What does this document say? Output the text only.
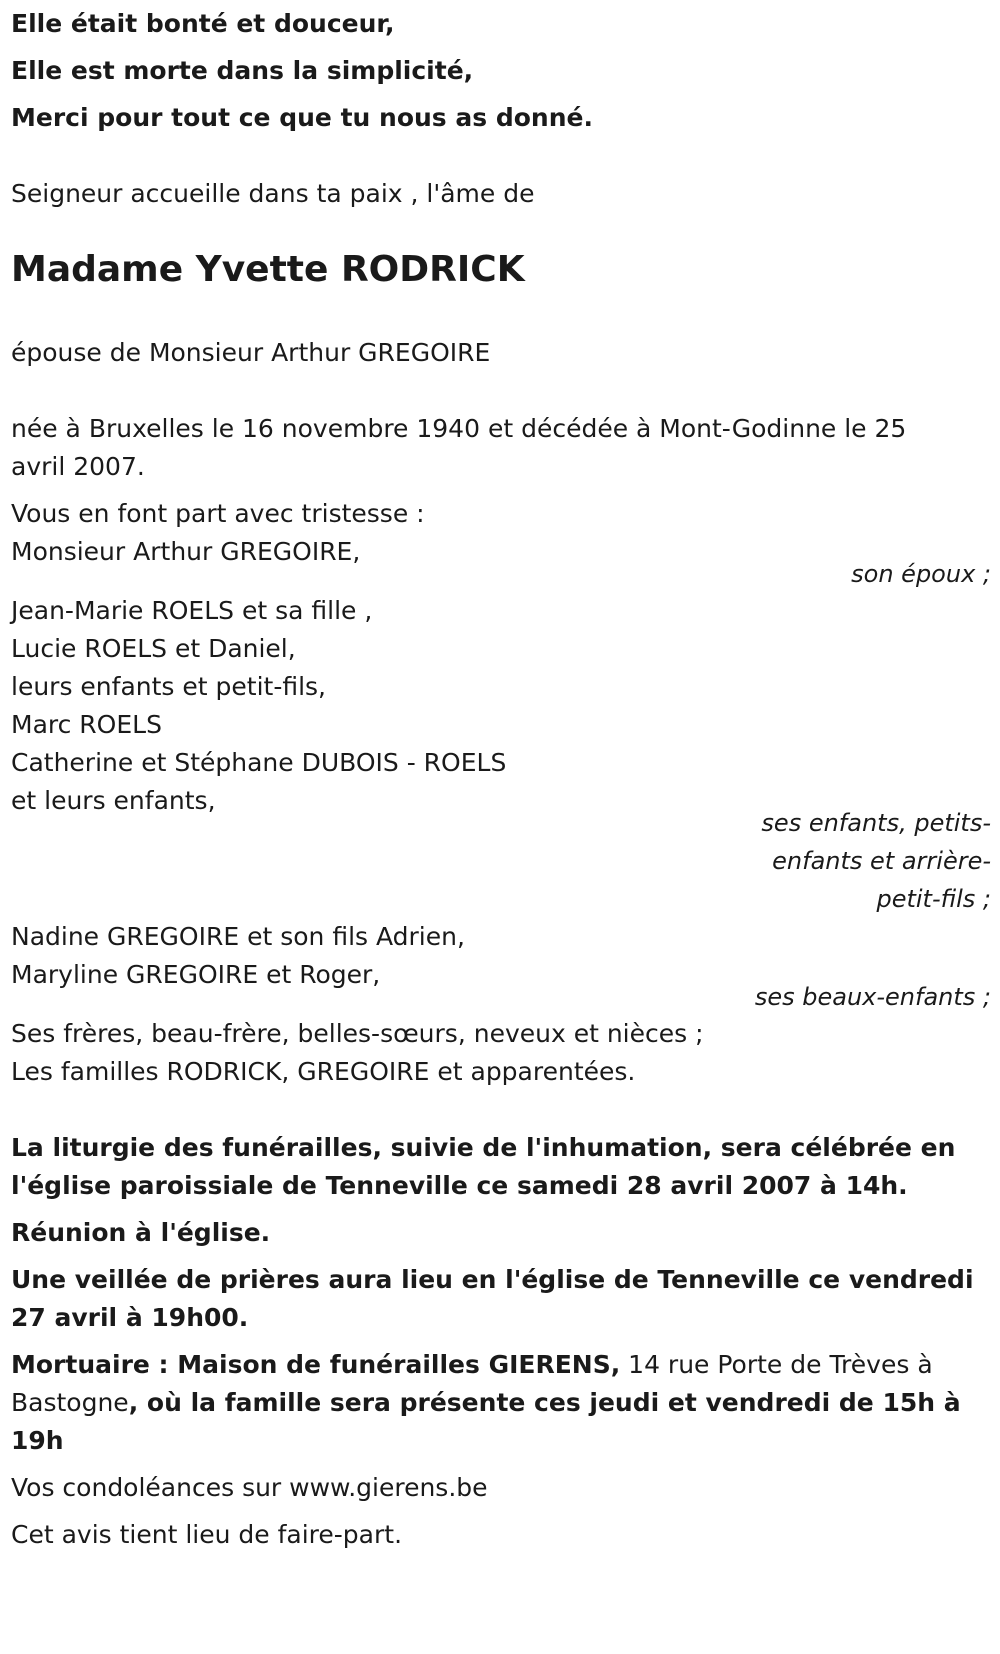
Elle était bonté et douceur,
Elle est morte dans la simplicité,
Merci pour tout ce que tu nous as donné.
Seigneur accueille dans ta paix , l'âme de
Madame Yvette RODRICK
épouse de Monsieur Arthur GREGOIRE
née à Bruxelles le 16 novembre 1940 et décédée à Mont-Godinne le 25
avril 2007.
Vous en font part avec tristesse :
Monsieur Arthur GREGOIRE,
son époux ;
Jean-Marie ROELS et sa fille ,
Lucie ROELS et Daniel,
leurs enfants et petit-fils,
Marc ROELS
Catherine et Stéphane DUBOIS - ROELS
et leurs enfants,
ses enfants, petits-
enfants et arrière-
petit-fils ;
Nadine GREGOIRE et son fils Adrien,
Maryline GREGOIRE et Roger,
ses beaux-enfants ;
Ses frères, beau-frère, belles-sœurs, neveux et nièces ;
Les familles RODRICK, GREGOIRE et apparentées.
La liturgie des funérailles, suivie de l'inhumation, sera célébrée en
l'église paroissiale de Tenneville ce samedi 28 avril 2007 à 14h.
Réunion à l'église.
Une veillée de prières aura lieu en l'église de Tenneville ce vendredi
27 avril à 19h00.
Mortuaire : Maison de funérailles GIERENS, 14 rue Porte de Trèves à
Bastogne, où la famille sera présente ces jeudi et vendredi de 15h à
19h
Vos condoléances sur www.gierens.be
Cet avis tient lieu de faire-part.
